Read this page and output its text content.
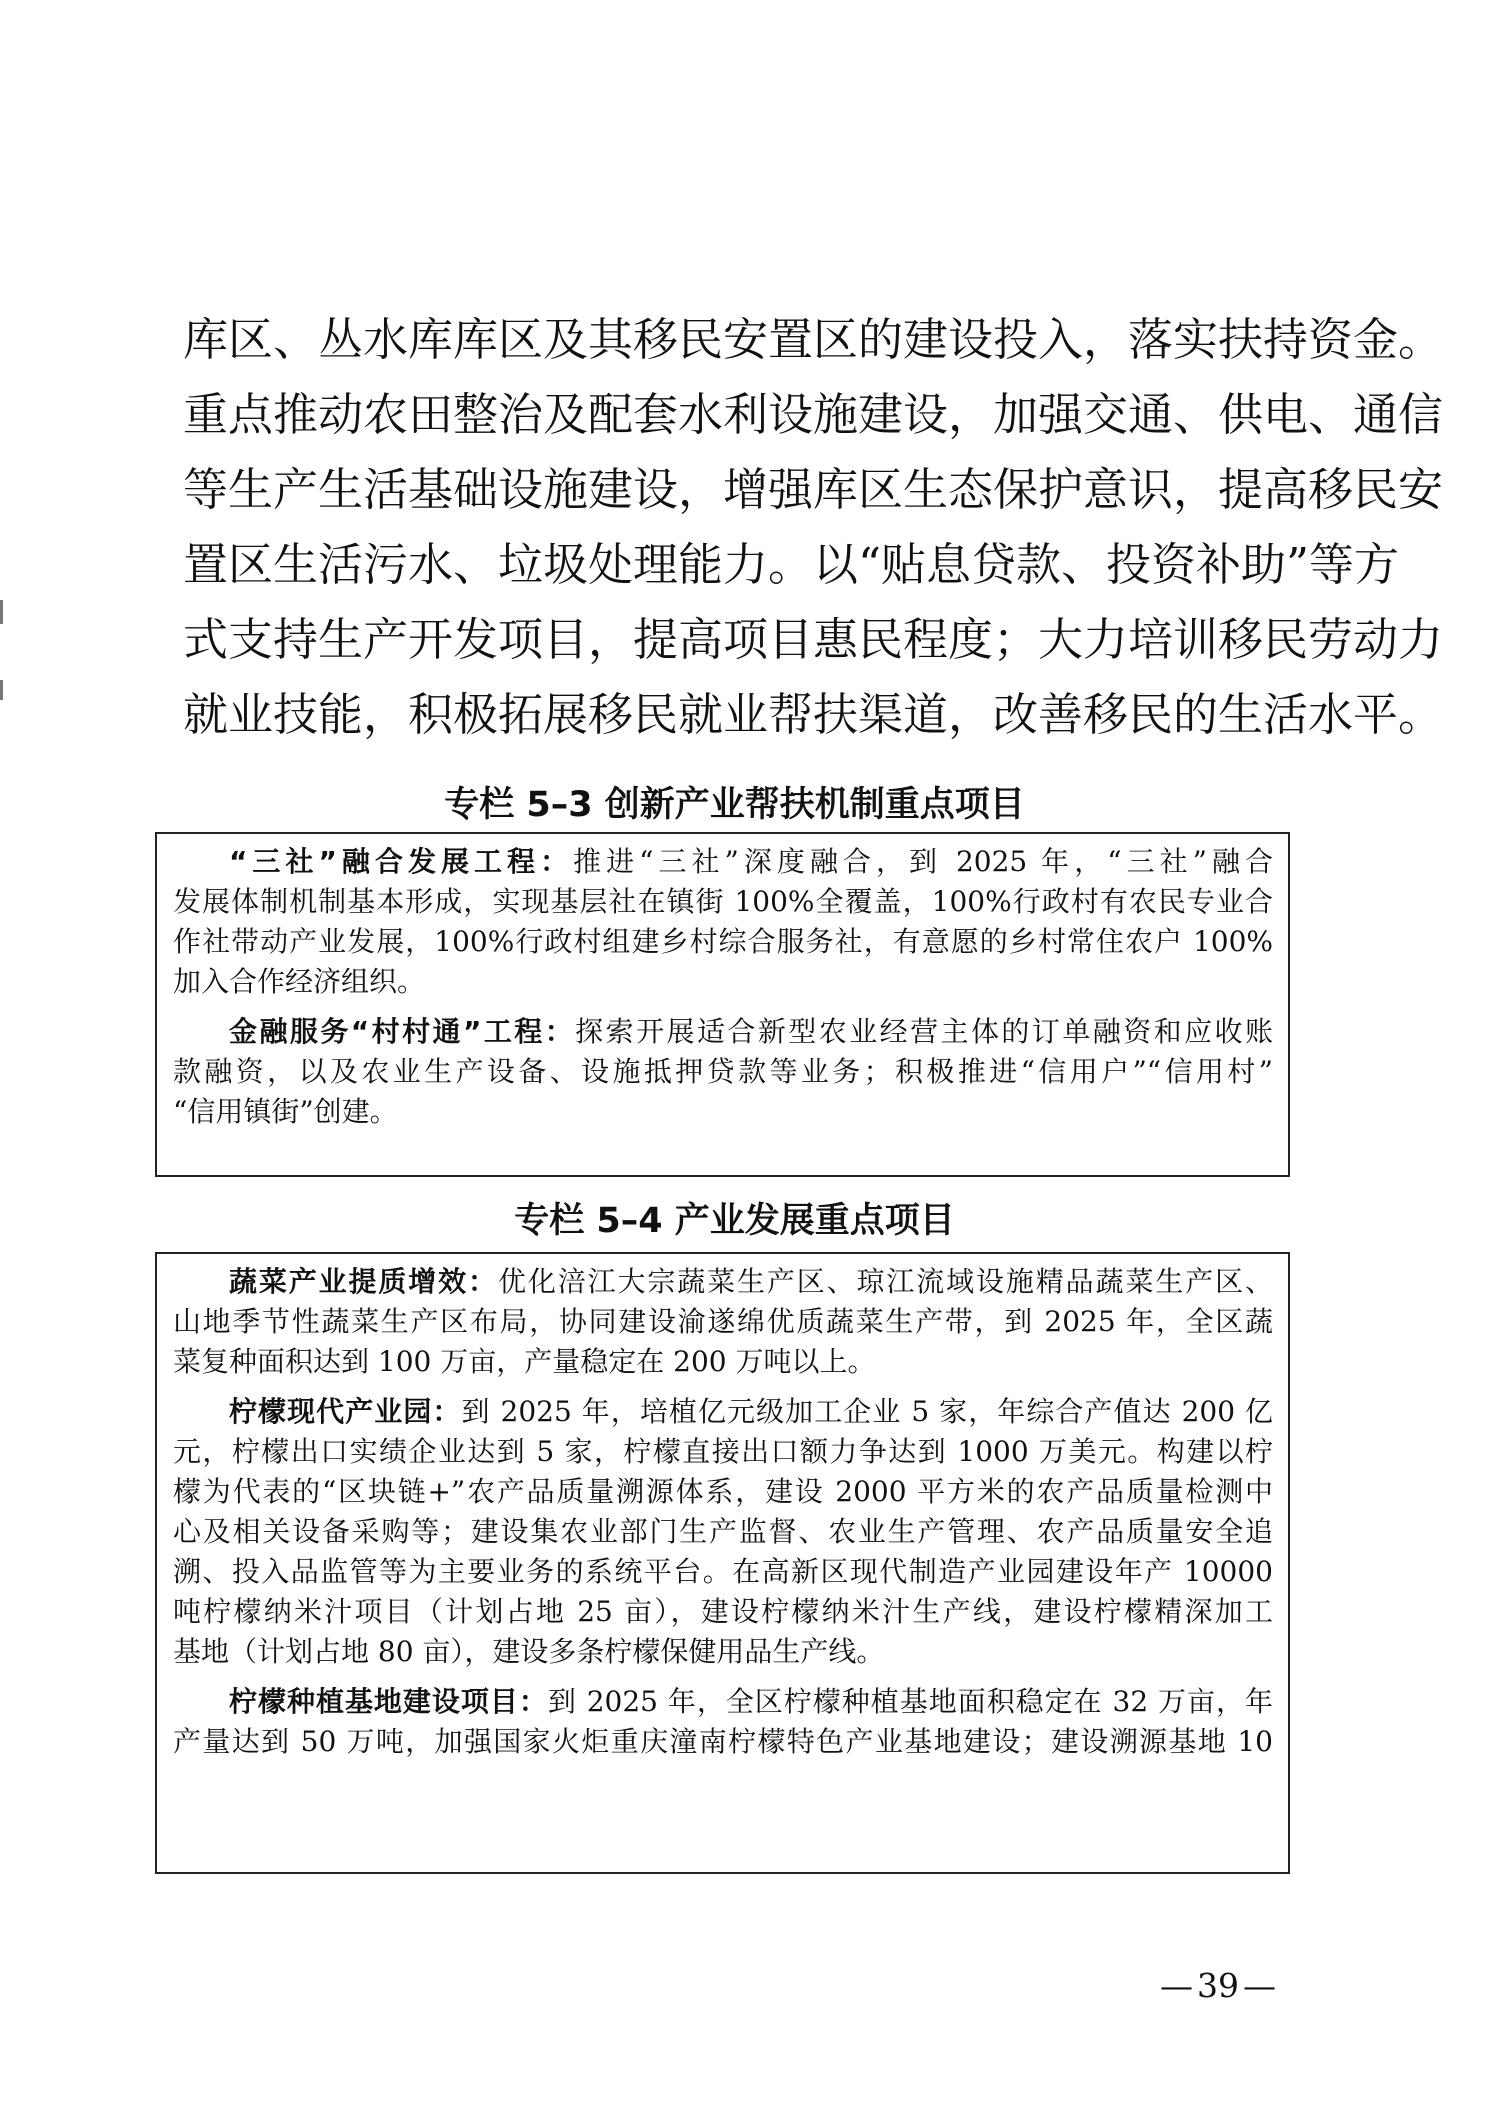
库区、丛水库库区及其移民安置区的建设投入，落实扶持资金。
重点推动农田整治及配套水利设施建设，加强交通、供电、通信
等生产生活基础设施建设，增强库区生态保护意识，提高移民安
置区生活污水、垃圾处理能力。以“贴息贷款、投资补助”等方
式支持生产开发项目，提高项目惠民程度；大力培训移民劳动力
就业技能，积极拓展移民就业帮扶渠道，改善移民的生活水平。
专栏 5–3 创新产业帮扶机制重点项目
“三社”融合发展工程：推进“三社”深度融合，到 2025 年，“三社”融合
发展体制机制基本形成，实现基层社在镇街 100%全覆盖，100%行政村有农民专业合
作社带动产业发展，100%行政村组建乡村综合服务社，有意愿的乡村常住农户 100%
加入合作经济组织。
金融服务“村村通”工程：探索开展适合新型农业经营主体的订单融资和应收账
款融资，以及农业生产设备、设施抵押贷款等业务；积极推进“信用户”“信用村”
“信用镇街”创建。
专栏 5–4 产业发展重点项目
蔬菜产业提质增效：优化涪江大宗蔬菜生产区、琼江流域设施精品蔬菜生产区、
山地季节性蔬菜生产区布局，协同建设渝遂绵优质蔬菜生产带，到 2025 年，全区蔬
菜复种面积达到 100 万亩，产量稳定在 200 万吨以上。
柠檬现代产业园：到 2025 年，培植亿元级加工企业 5 家，年综合产值达 200 亿
元，柠檬出口实绩企业达到 5 家，柠檬直接出口额力争达到 1000 万美元。构建以柠
檬为代表的“区块链+”农产品质量溯源体系，建设 2000 平方米的农产品质量检测中
心及相关设备采购等；建设集农业部门生产监督、农业生产管理、农产品质量安全追
溯、投入品监管等为主要业务的系统平台。在高新区现代制造产业园建设年产 10000
吨柠檬纳米汁项目（计划占地 25 亩），建设柠檬纳米汁生产线，建设柠檬精深加工
基地（计划占地 80 亩），建设多条柠檬保健用品生产线。
柠檬种植基地建设项目：到 2025 年，全区柠檬种植基地面积稳定在 32 万亩，年
产量达到 50 万吨，加强国家火炬重庆潼南柠檬特色产业基地建设；建设溯源基地 10
— 39 —
